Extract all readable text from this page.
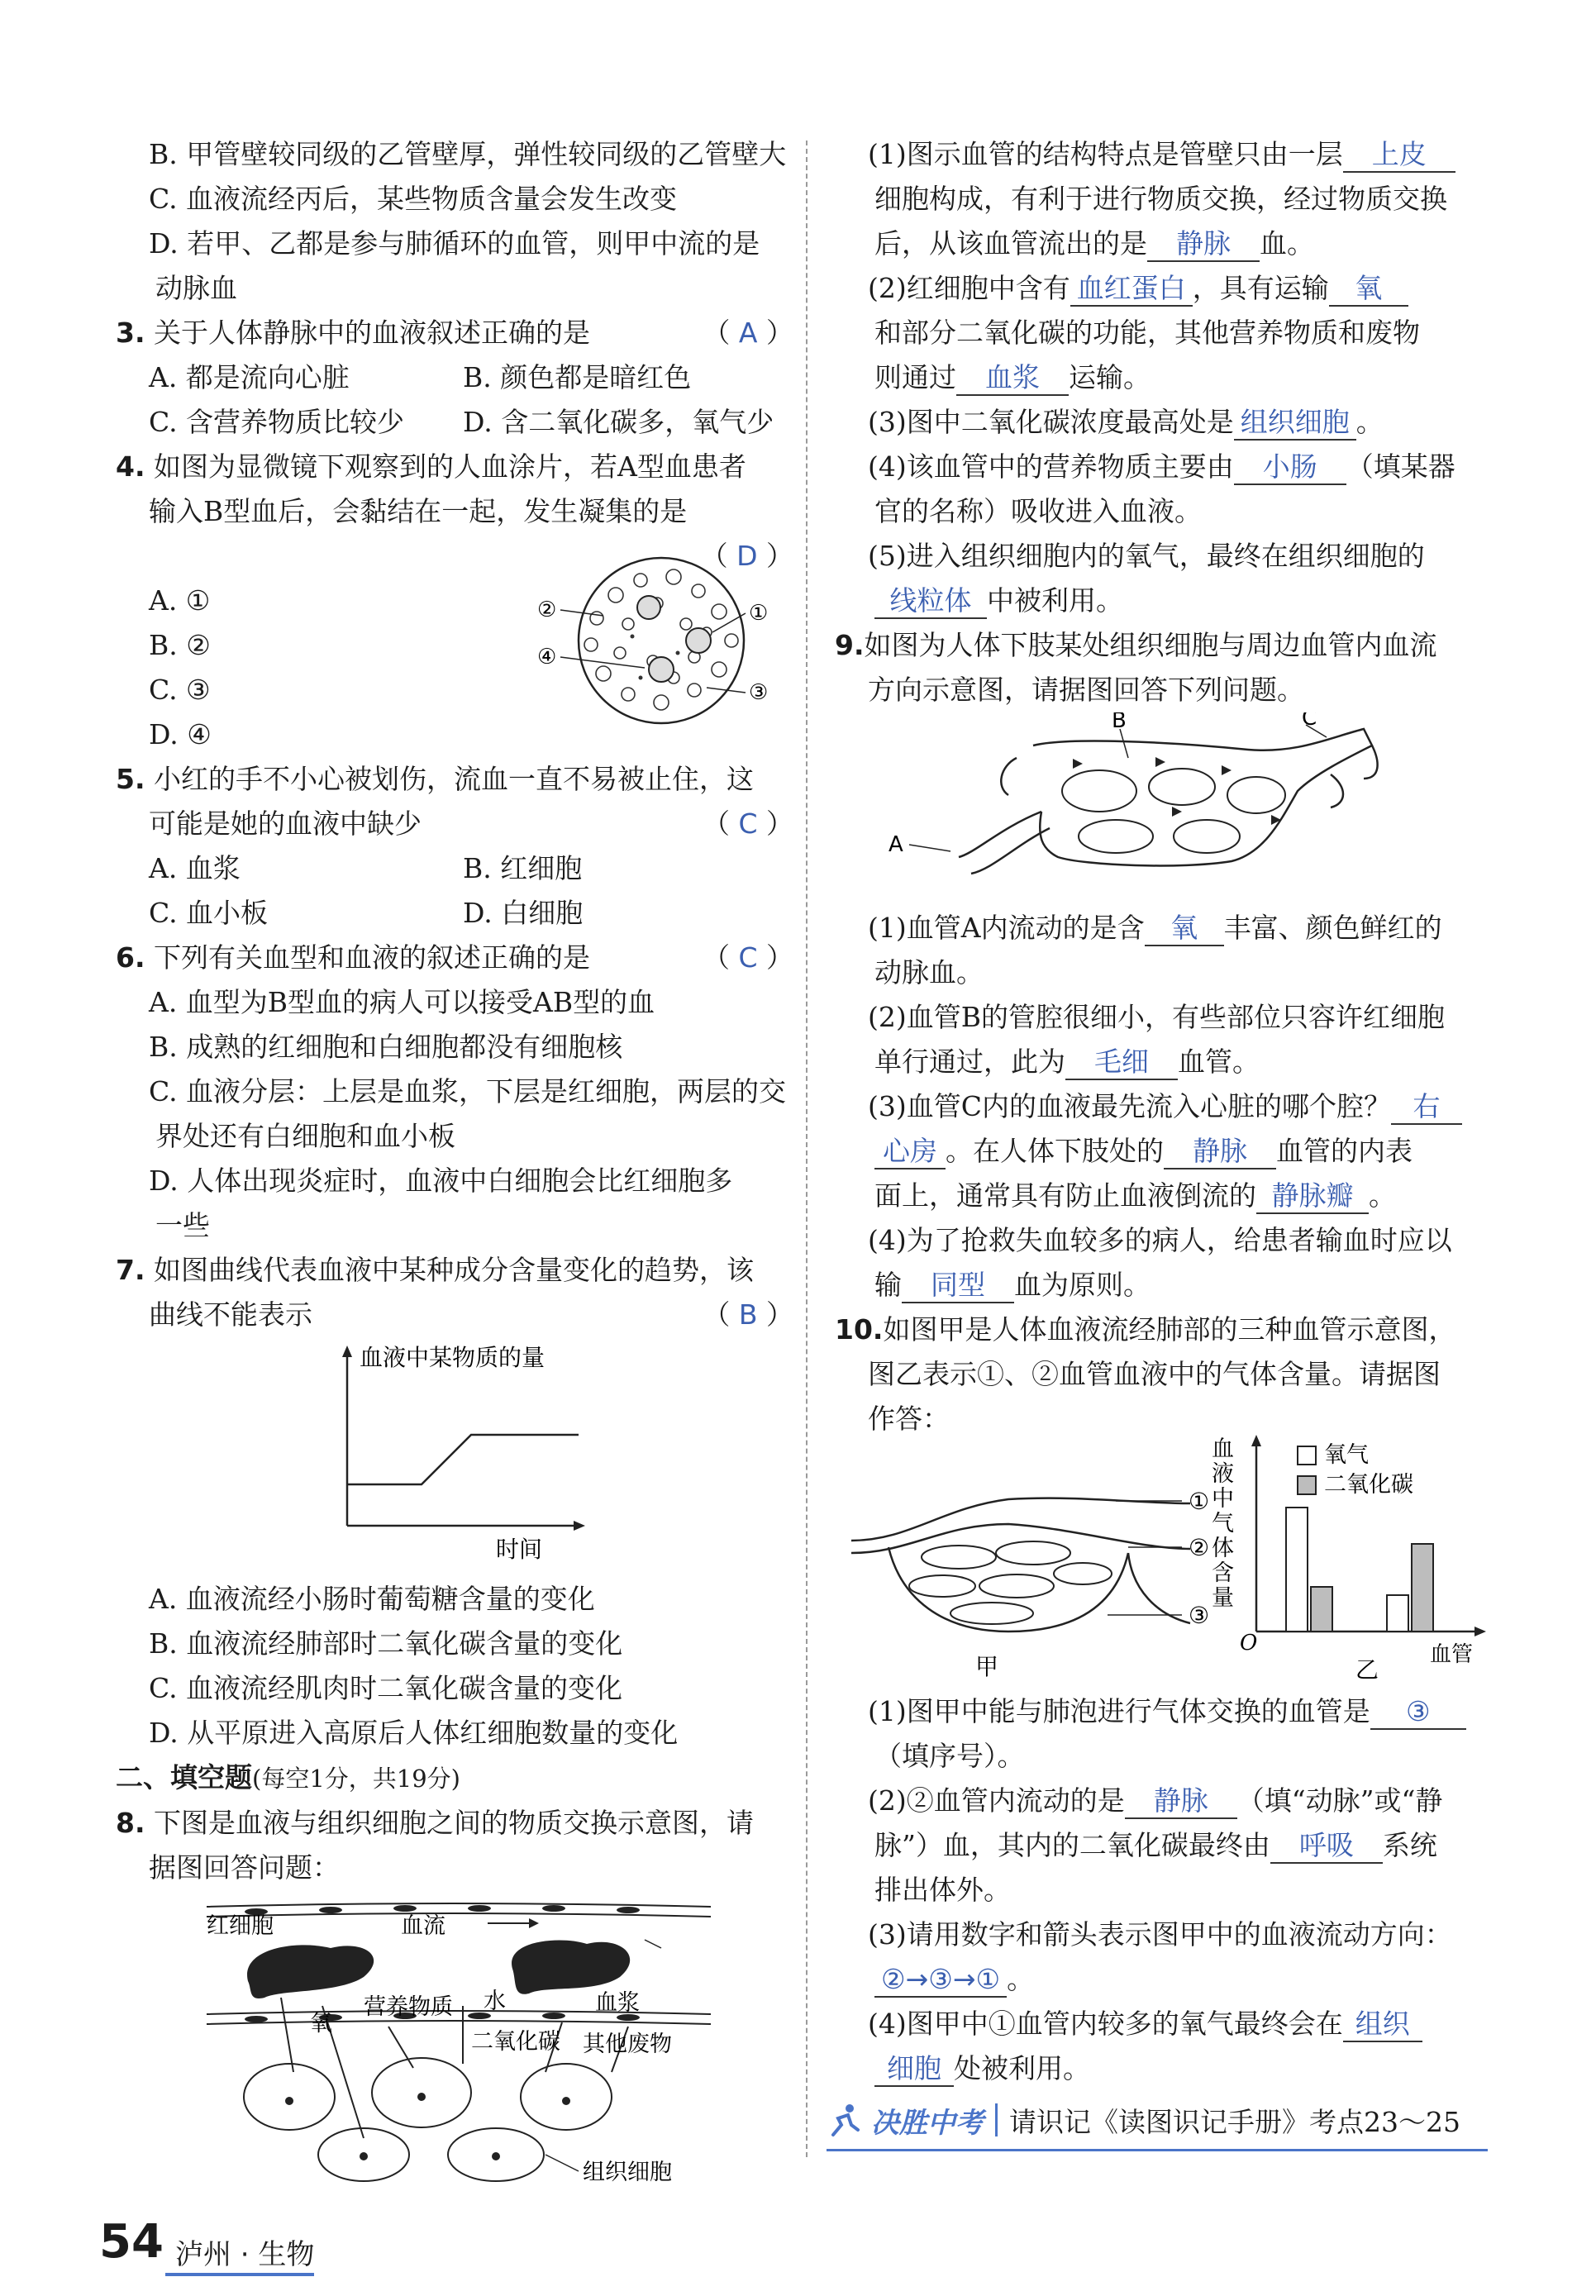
B. 甲管壁较同级的乙管壁厚，弹性较同级的乙管壁大
C. 血液流经丙后，某些物质含量会发生改变
D. 若甲、乙都是参与肺循环的血管，则甲中流的是
动脉血
3. 关于人体静脉中的血液叙述正确的是	（ A ）
A. 都是流向心脏	B. 颜色都是暗红色
C. 含营养物质比较少	D. 含二氧化碳多，氧气少
4. 如图为显微镜下观察到的人血涂片，若A型血患者
输入B型血后，会黏结在一起，发生凝集的是
（ D ）
A. ①
B. ②
C. ③
D. ④
②	①
④
③
5. 小红的手不小心被划伤，流血一直不易被止住，这
可能是她的血液中缺少	（ C ）
A. 血浆	B. 红细胞
C. 血小板	D. 白细胞
6. 下列有关血型和血液的叙述正确的是	（ C ）
A. 血型为B型血的病人可以接受AB型的血
B. 成熟的红细胞和白细胞都没有细胞核
C. 血液分层：上层是血浆，下层是红细胞，两层的交
界处还有白细胞和血小板
D. 人体出现炎症时，血液中白细胞会比红细胞多
一些
7. 如图曲线代表血液中某种成分含量变化的趋势，该
曲线不能表示	（ B ）
血液中某物质的量
时间
A. 血液流经小肠时葡萄糖含量的变化
B. 血液流经肺部时二氧化碳含量的变化
C. 血液流经肌肉时二氧化碳含量的变化
D. 从平原进入高原后人体红细胞数量的变化
二、填空题(每空1分，共19分)
8. 下图是血液与组织细胞之间的物质交换示意图，请
据图回答问题：
红细胞	血流
氧
营养物质 水	血浆
二氧化碳 其他废物
组织细胞
(1)图示血管的结构特点是管壁只由一层 上皮
细胞构成，有利于进行物质交换，经过物质交换
后，从该血管流出的是 静脉 血。
(2)红细胞中含有 血红蛋白 ，具有运输 氧
和部分二氧化碳的功能，其他营养物质和废物
则通过 血浆 运输。
(3)图中二氧化碳浓度最高处是 组织细胞 。
(4)该血管中的营养物质主要由 小肠 （填某器
官的名称）吸收进入血液。
(5)进入组织细胞内的氧气，最终在组织细胞的
线粒体 中被利用。
9.如图为人体下肢某处组织细胞与周边血管内血流
方向示意图，请据图回答下列问题。
B	C
A
(1)血管A内流动的是含 氧 丰富、颜色鲜红的
动脉血。
(2)血管B的管腔很细小，有些部位只容许红细胞
单行通过，此为 毛细 血管。
(3)血管C内的血液最先流入心脏的哪个腔？ 右
心房 。在人体下肢处的 静脉 血管的内表
面上，通常具有防止血液倒流的 静脉瓣 。
(4)为了抢救失血较多的病人，给患者输血时应以
输 同型 血为原则。
10.如图甲是人体血液流经肺部的三种血管示意图，
图乙表示①、②血管血液中的气体含量。请据图
作答：
①
②
③
甲
血液中气体含量
O	血管
乙
氧气
二氧化碳
(1)图甲中能与肺泡进行气体交换的血管是 ③
（填序号）。
(2)②血管内流动的是 静脉 （填“动脉”或“静
脉”）血，其内的二氧化碳最终由 呼吸 系统
排出体外。
(3)请用数字和箭头表示图甲中的血液流动方向：
②→③→① 。
(4)图甲中①血管内较多的氧气最终会在 组织
细胞 处被利用。
决胜中考 请识记《读图识记手册》考点23～25
54 泸州 · 生物
